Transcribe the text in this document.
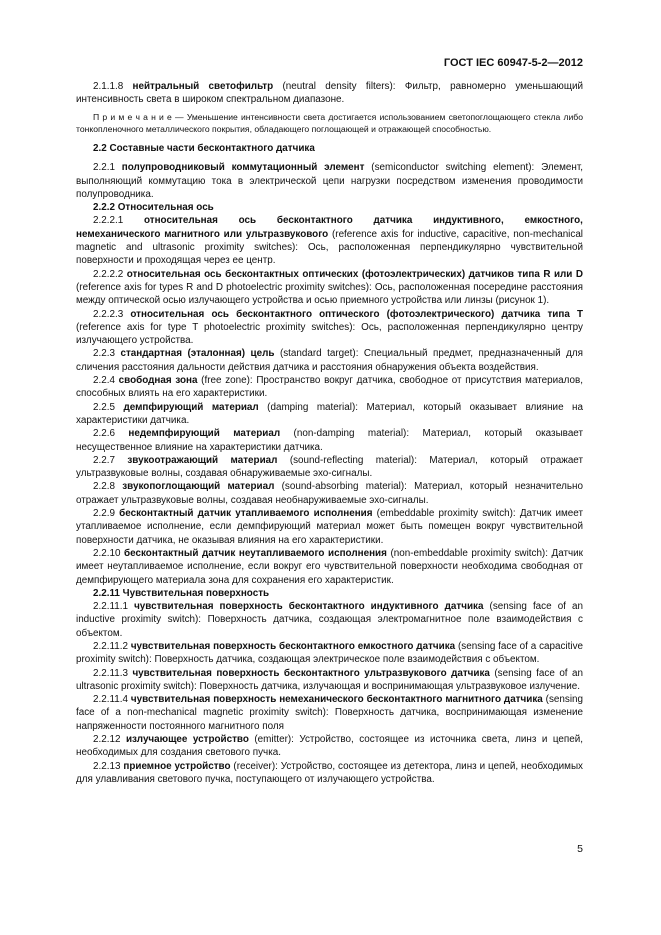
ГОСТ IEC 60947-5-2—2012

2.1.1.8 нейтральный светофильтр (neutral density filters): Фильтр, равномерно уменьшающий интенсивность света в широком спектральном диапазоне.

П р и м е ч а н и е — Уменьшение интенсивности света достигается использованием светопоглощающего стекла либо тонкопленочного металлического покрытия, обладающего поглощающей и отражающей способностью.

2.2 Составные части бесконтактного датчика

2.2.1 полупроводниковый коммутационный элемент (semiconductor switching element): Элемент, выполняющий коммутацию тока в электрической цепи нагрузки посредством изменения проводимости полупроводника.

2.2.2 Относительная ось

2.2.2.1 относительная ось бесконтактного датчика индуктивного, емкостного,

немеханического магнитного или ультразвукового (reference axis for inductive, capacitive, non-mechanical magnetic and ultrasonic proximity switches): Ось, расположенная перпендикулярно чувствительной поверхности и проходящая через ее центр.

2.2.2.2 относительная ось бесконтактных оптических (фотоэлектрических) датчиков типа R или D (reference axis for types R and D photoelectric proximity switches): Ось, расположенная посередине расстояния между оптической осью излучающего устройства и осью приемного устройства или линзы (рисунок 1).

2.2.2.3 относительная ось бесконтактного оптического (фотоэлектрического) датчика типа T (reference axis for type T photoelectric proximity switches): Ось, расположенная перпендикулярно центру излучающего устройства.

2.2.3 стандартная (эталонная) цель (standard target): Специальный предмет, предназначенный для сличения расстояния дальности действия датчика и расстояния обнаружения объекта воздействия.

2.2.4 свободная зона (free zone): Пространство вокруг датчика, свободное от присутствия материалов, способных влиять на его характеристики.

2.2.5 демпфирующий материал (damping material): Материал, который оказывает влияние на характеристики датчика.

2.2.6 недемпфирующий материал (non-damping material): Материал, который оказывает несущественное влияние на характеристики датчика.

2.2.7 звукоотражающий материал (sound-reflecting material): Материал, который отражает ультразвуковые волны, создавая обнаруживаемые эхо-сигналы.

2.2.8 звукопоглощающий материал (sound-absorbing material): Материал, который незначительно отражает ультразвуковые волны, создавая необнаруживаемые эхо-сигналы.

2.2.9 бесконтактный датчик утапливаемого исполнения (embeddable proximity switch): Датчик имеет утапливаемое исполнение, если демпфирующий материал может быть помещен вокруг чувствительной поверхности датчика, не оказывая влияния на его характеристики.

2.2.10 бесконтактный датчик неутапливаемого исполнения (non-embeddable proximity switch): Датчик имеет неутапливаемое исполнение, если вокруг его чувствительной поверхности необходима свободная от демпфирующего материала зона для сохранения его характеристик.

2.2.11 Чувствительная поверхность

2.2.11.1 чувствительная поверхность бесконтактного индуктивного датчика (sensing face of an inductive proximity switch): Поверхность датчика, создающая электромагнитное поле взаимодействия с объектом.

2.2.11.2 чувствительная поверхность бесконтактного емкостного датчика (sensing face of a capacitive proximity switch): Поверхность датчика, создающая электрическое поле взаимодействия с объектом.

2.2.11.3 чувствительная поверхность бесконтактного ультразвукового датчика (sensing face of an ultrasonic proximity switch): Поверхность датчика, излучающая и воспринимающая ультразвуковое излучение.

2.2.11.4 чувствительная поверхность немеханического бесконтактного магнитного датчика (sensing face of a non-mechanical magnetic proximity switch): Поверхность датчика, воспринимающая изменение напряженности постоянного магнитного поля

2.2.12 излучающее устройство (emitter): Устройство, состоящее из источника света, линз и цепей, необходимых для создания светового пучка.

2.2.13 приемное устройство (receiver): Устройство, состоящее из детектора, линз и цепей, необходимых для улавливания светового пучка, поступающего от излучающего устройства.

5
